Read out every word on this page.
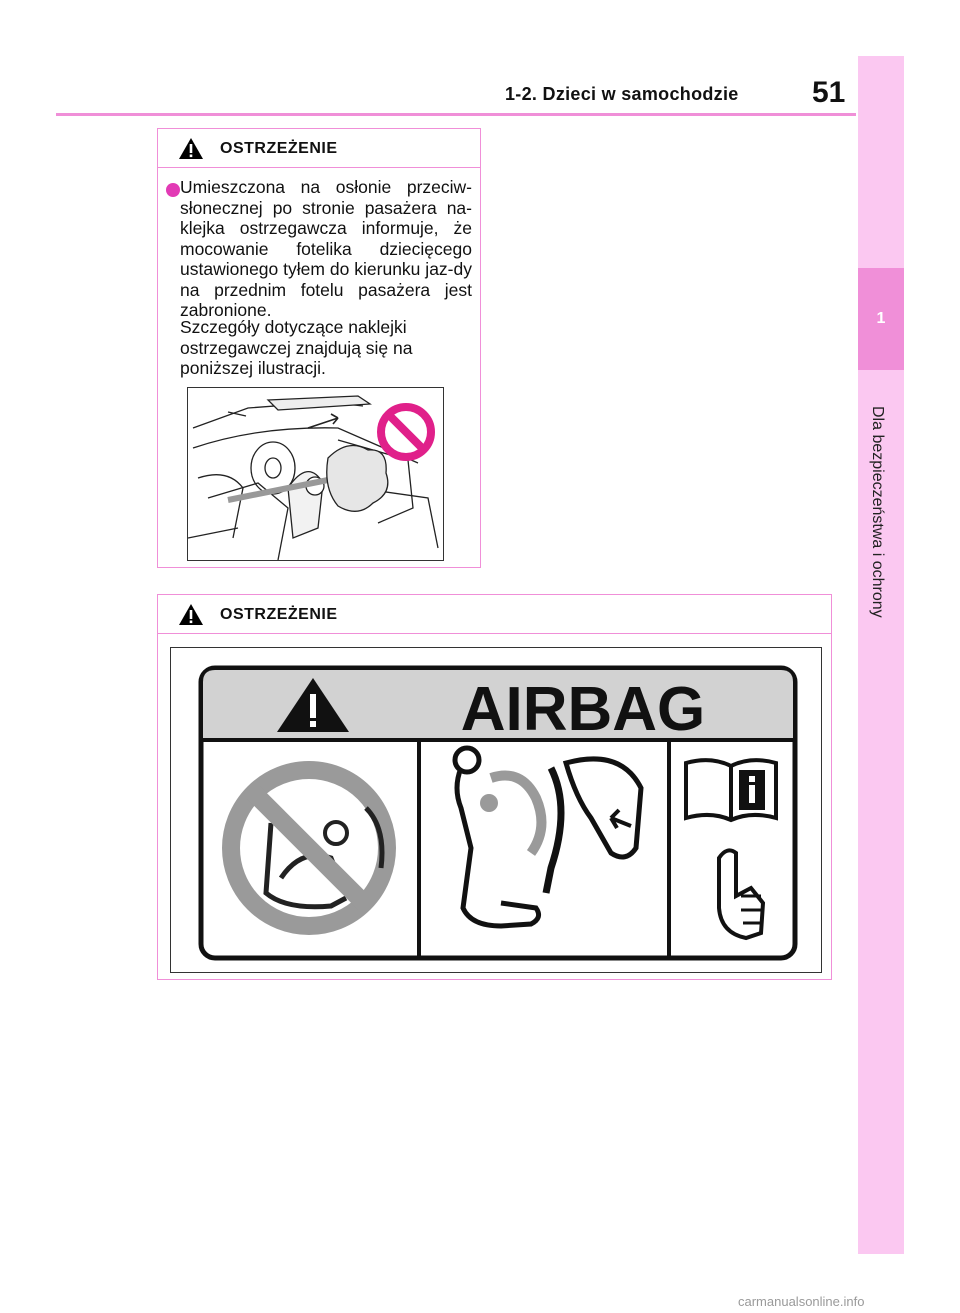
1-2. Dzieci w samochodzie 51
1
Dla bezpieczeństwa i ochrony
OSTRZEŻENIE
Umieszczona na osłonie przeciw-słonecznej po stronie pasażera na-klejka ostrzegawcza informuje, że mocowanie fotelika dziecięcego ustawionego tyłem do kierunku jaz-dy na przednim fotelu pasażera jest zabronione.
Szczegóły dotyczące naklejki ostrzegawczej znajdują się na poniższej ilustracji.
OSTRZEŻENIE
AIRBAG
carmanualsonline.info
